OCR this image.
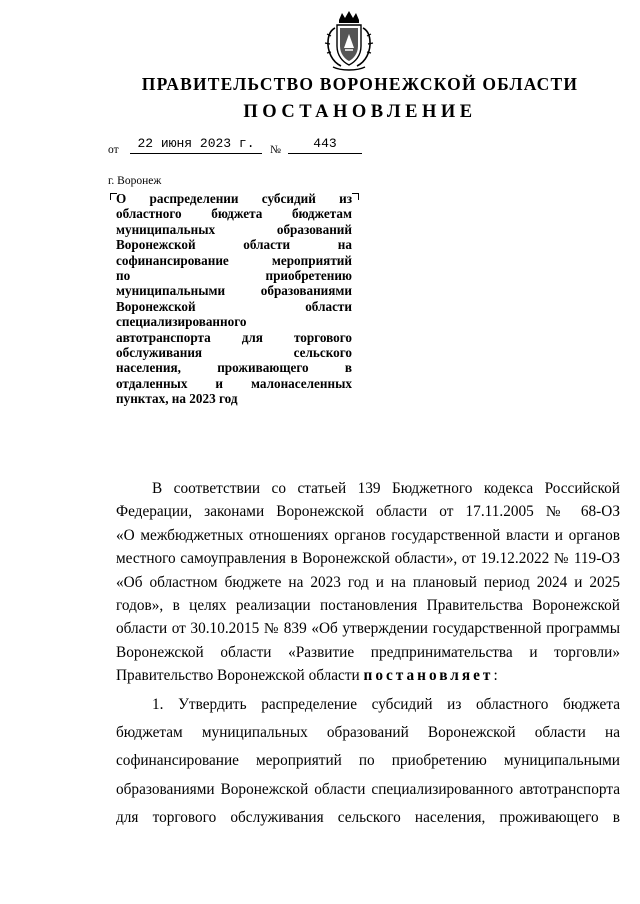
ПРАВИТЕЛЬСТВО ВОРОНЕЖСКОЙ ОБЛАСТИ
ПОСТАНОВЛЕНИЕ
от	22 июня 2023 г.	№	443
г. Воронеж
О распределении субсидий из
областного бюджета бюджетам
муниципальных образований
Воронежской области на
софинансирование мероприятий
по приобретению
муниципальными образованиями
Воронежской области
специализированного
автотранспорта для торгового
обслуживания сельского
населения, проживающего в
отдаленных и малонаселенных
пунктах, на 2023 год
В соответствии со статьей 139 Бюджетного кодекса Российской
Федерации, законами Воронежской области от 17.11.2005 № 68-ОЗ
«О межбюджетных отношениях органов государственной власти и органов
местного самоуправления в Воронежской области», от 19.12.2022 № 119-ОЗ
«Об областном бюджете на 2023 год и на плановый период 2024 и 2025
годов», в целях реализации постановления Правительства Воронежской
области от 30.10.2015 № 839 «Об утверждении государственной программы
Воронежской области «Развитие предпринимательства и торговли»
Правительство Воронежской области постановляет:
1. Утвердить распределение субсидий из областного бюджета
бюджетам муниципальных образований Воронежской области на
софинансирование мероприятий по приобретению муниципальными
образованиями Воронежской области специализированного автотранспорта
для торгового обслуживания сельского населения, проживающего в
